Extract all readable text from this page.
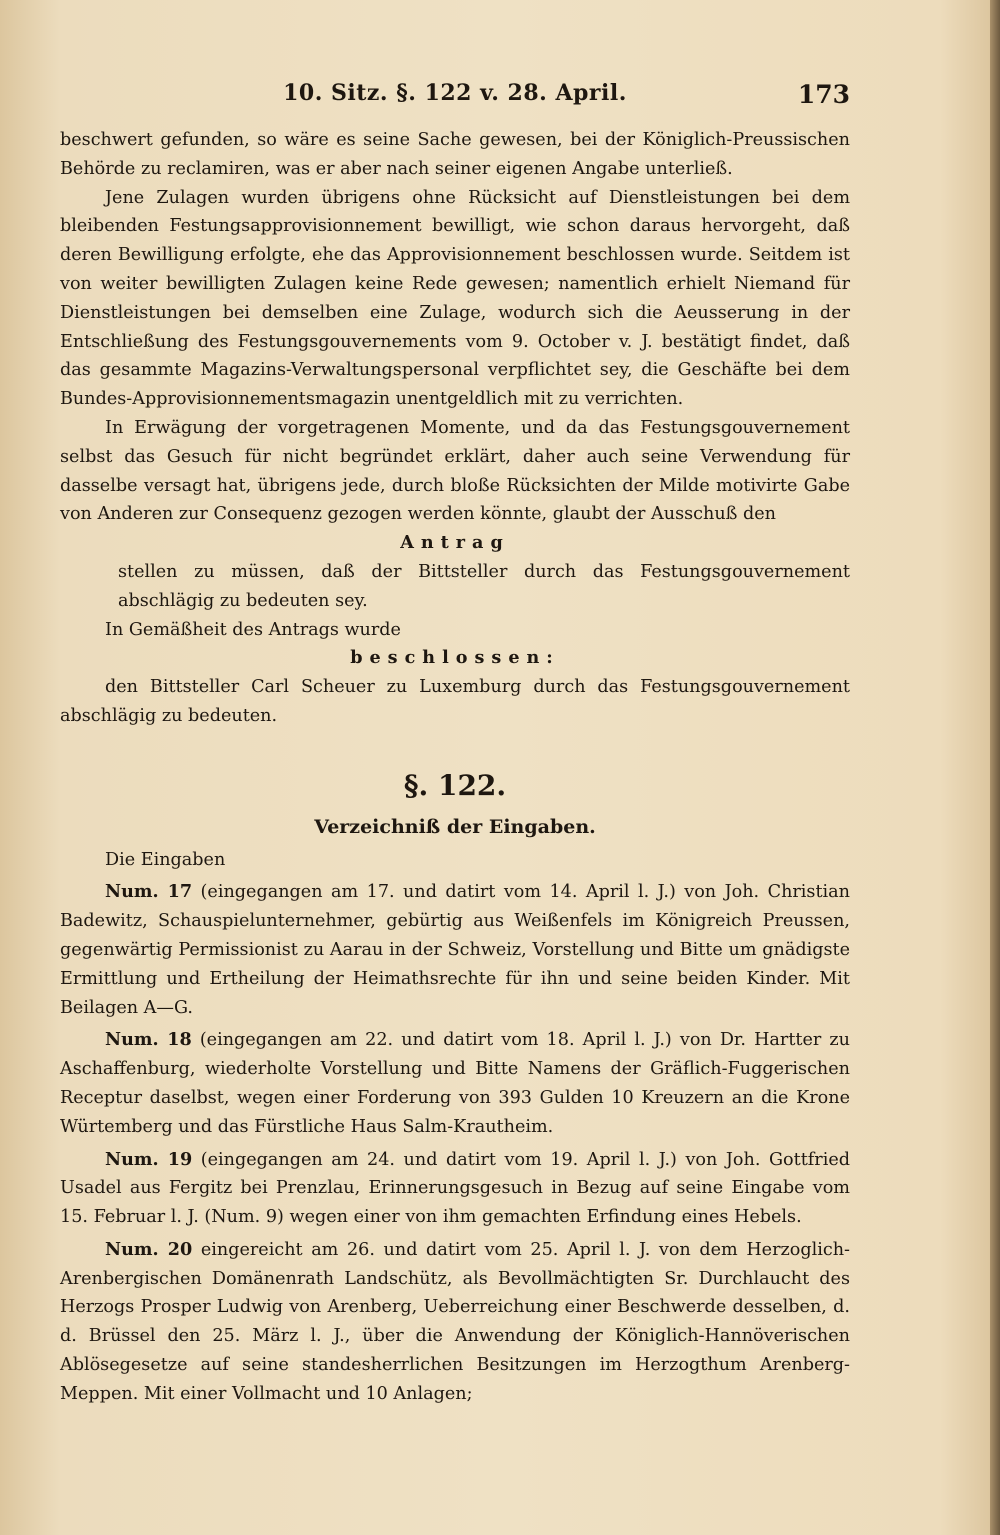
10. Sitz. §. 122 v. 28. April.	173

beschwert gefunden, so wäre es seine Sache gewesen, bei der Königlich-Preussischen Behörde zu reclamiren, was er aber nach seiner eigenen Angabe unterließ.

Jene Zulagen wurden übrigens ohne Rücksicht auf Dienstleistungen bei dem bleibenden Festungsapprovisionnement bewilligt, wie schon daraus hervorgeht, daß deren Bewilligung erfolgte, ehe das Approvisionnement beschlossen wurde. Seitdem ist von weiter bewilligten Zulagen keine Rede gewesen; namentlich erhielt Niemand für Dienstleistungen bei demselben eine Zulage, wodurch sich die Aeusserung in der Entschließung des Festungsgouvernements vom 9. October v. J. bestätigt findet, daß das gesammte Magazins-Verwaltungspersonal verpflichtet sey, die Geschäfte bei dem Bundes-Approvisionnementsmagazin unentgeldlich mit zu verrichten.

In Erwägung der vorgetragenen Momente, und da das Festungsgouvernement selbst das Gesuch für nicht begründet erklärt, daher auch seine Verwendung für dasselbe versagt hat, übrigens jede, durch bloße Rücksichten der Milde motivirte Gabe von Anderen zur Consequenz gezogen werden könnte, glaubt der Ausschuß den

Antrag

stellen zu müssen, daß der Bittsteller durch das Festungsgouvernement abschlägig zu bedeuten sey.

In Gemäßheit des Antrags wurde

beschlossen:

den Bittsteller Carl Scheuer zu Luxemburg durch das Festungsgouvernement abschlägig zu bedeuten.

§. 122.

Verzeichniß der Eingaben.

Die Eingaben

Num. 17 (eingegangen am 17. und datirt vom 14. April l. J.) von Joh. Christian Badewitz, Schauspielunternehmer, gebürtig aus Weißenfels im Königreich Preussen, gegenwärtig Permissionist zu Aarau in der Schweiz, Vorstellung und Bitte um gnädigste Ermittlung und Ertheilung der Heimathsrechte für ihn und seine beiden Kinder. Mit Beilagen A—G.

Num. 18 (eingegangen am 22. und datirt vom 18. April l. J.) von Dr. Hartter zu Aschaffenburg, wiederholte Vorstellung und Bitte Namens der Gräflich-Fuggerischen Receptur daselbst, wegen einer Forderung von 393 Gulden 10 Kreuzern an die Krone Würtemberg und das Fürstliche Haus Salm-Krautheim.

Num. 19 (eingegangen am 24. und datirt vom 19. April l. J.) von Joh. Gottfried Usadel aus Fergitz bei Prenzlau, Erinnerungsgesuch in Bezug auf seine Eingabe vom 15. Februar l. J. (Num. 9) wegen einer von ihm gemachten Erfindung eines Hebels.

Num. 20 eingereicht am 26. und datirt vom 25. April l. J. von dem Herzoglich-Arenbergischen Domänenrath Landschütz, als Bevollmächtigten Sr. Durchlaucht des Herzogs Prosper Ludwig von Arenberg, Ueberreichung einer Beschwerde desselben, d. d. Brüssel den 25. März l. J., über die Anwendung der Königlich-Hannöverischen Ablösegesetze auf seine standesherrlichen Besitzungen im Herzogthum Arenberg-Meppen. Mit einer Vollmacht und 10 Anlagen;
